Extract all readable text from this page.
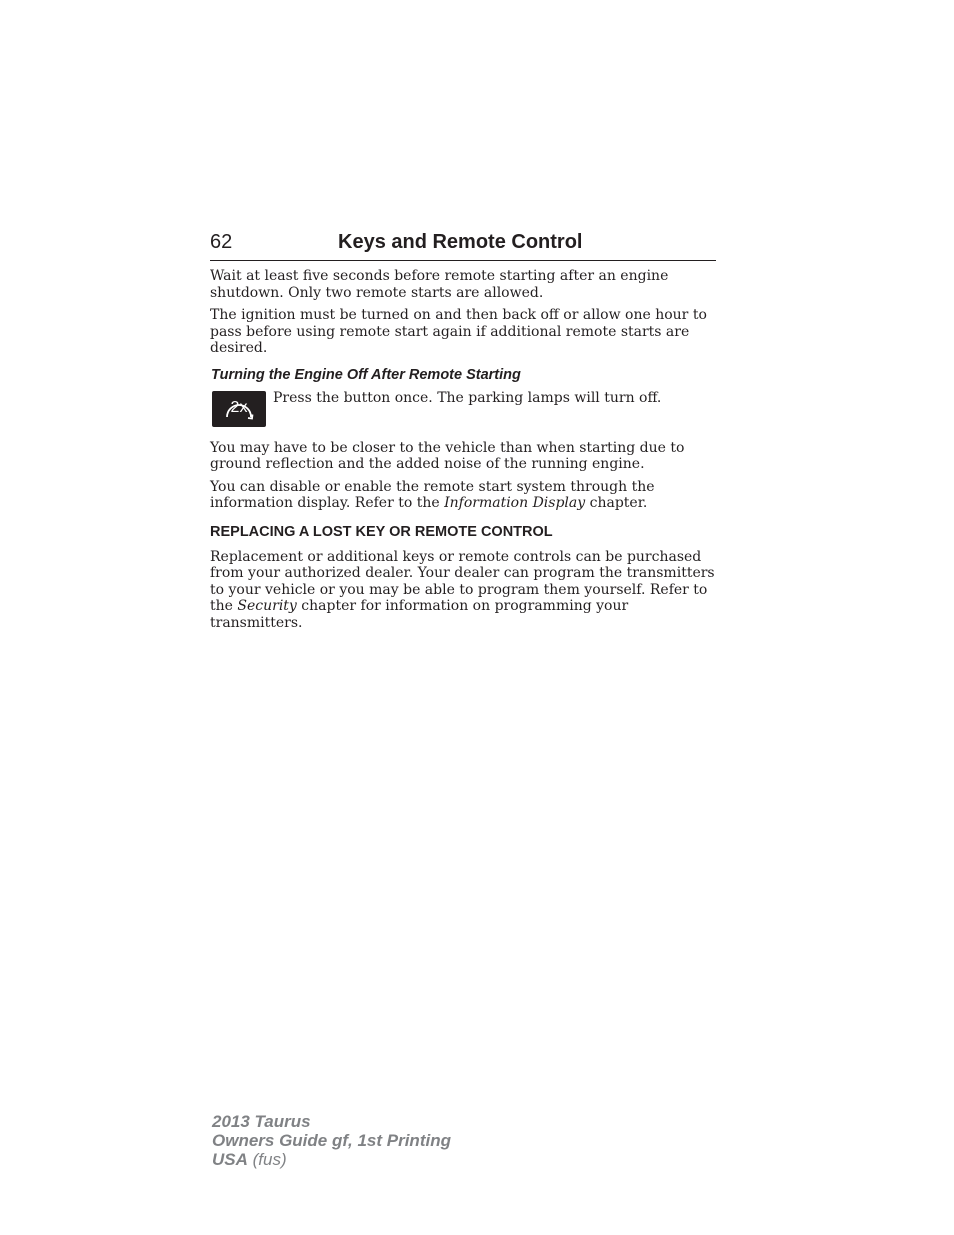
62	Keys and Remote Control

Wait at least five seconds before remote starting after an engine shutdown. Only two remote starts are allowed.

The ignition must be turned on and then back off or allow one hour to pass before using remote start again if additional remote starts are desired.

Turning the Engine Off After Remote Starting
2x

Press the button once. The parking lamps will turn off.

You may have to be closer to the vehicle than when starting due to ground reflection and the added noise of the running engine.

You can disable or enable the remote start system through the information display. Refer to the Information Display chapter.

REPLACING A LOST KEY OR REMOTE CONTROL

Replacement or additional keys or remote controls can be purchased from your authorized dealer. Your dealer can program the transmitters to your vehicle or you may be able to program them yourself. Refer to the Security chapter for information on programming your transmitters.

2013 Taurus
Owners Guide gf, 1st Printing
USA (fus)
